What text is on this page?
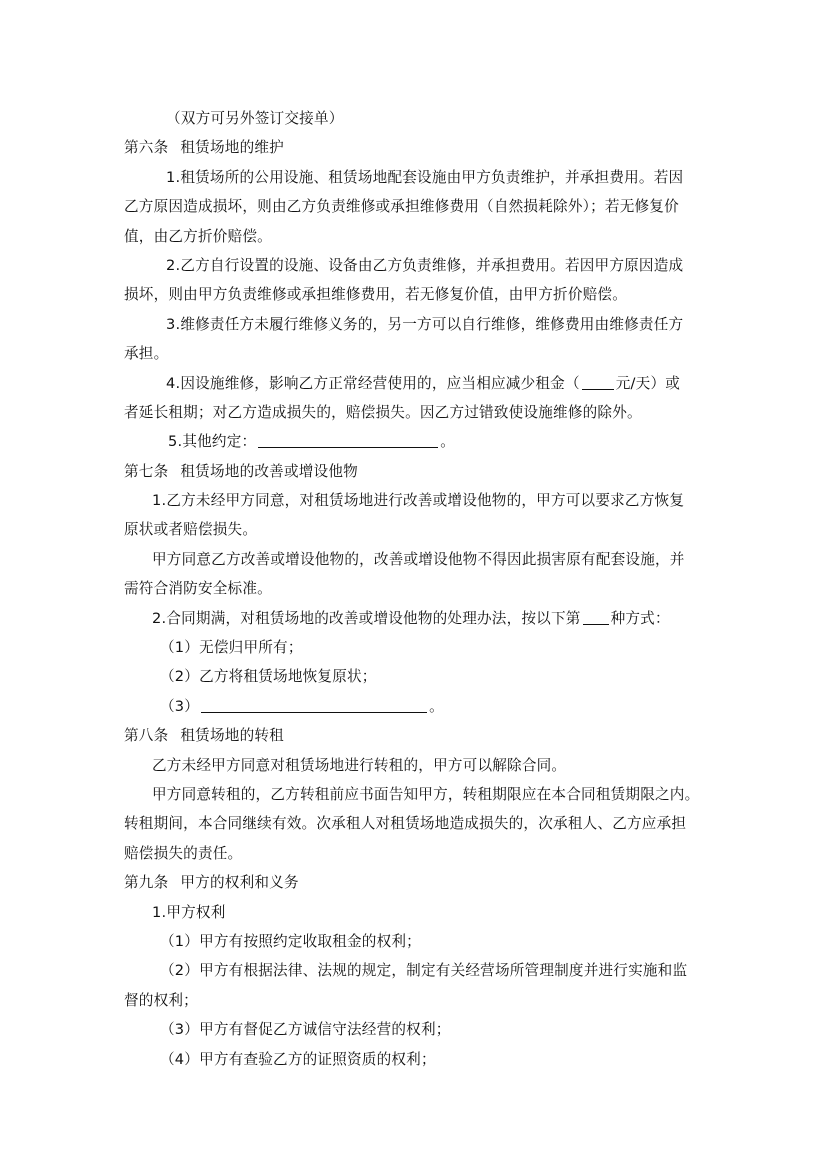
（双方可另外签订交接单）
第六条 租赁场地的维护
1.租赁场所的公用设施、租赁场地配套设施由甲方负责维护，并承担费用。若因
乙方原因造成损坏，则由乙方负责维修或承担维修费用（自然损耗除外）；若无修复价
值，由乙方折价赔偿。
2.乙方自行设置的设施、设备由乙方负责维修，并承担费用。若因甲方原因造成
损坏，则由甲方负责维修或承担维修费用，若无修复价值，由甲方折价赔偿。
3.维修责任方未履行维修义务的，另一方可以自行维修，维修费用由维修责任方
承担。
4.因设施维修，影响乙方正常经营使用的，应当相应减少租金（ 元/天）或
者延长租期；对乙方造成损失的，赔偿损失。因乙方过错致使设施维修的除外。
5.其他约定：	。
第七条 租赁场地的改善或增设他物
1.乙方未经甲方同意，对租赁场地进行改善或增设他物的，甲方可以要求乙方恢复
原状或者赔偿损失。
甲方同意乙方改善或增设他物的，改善或增设他物不得因此损害原有配套设施，并
需符合消防安全标准。
2.合同期满，对租赁场地的改善或增设他物的处理办法，按以下第 种方式：
（1）无偿归甲所有；
（2）乙方将租赁场地恢复原状；
（3）	。
第八条 租赁场地的转租
乙方未经甲方同意对租赁场地进行转租的，甲方可以解除合同。
甲方同意转租的，乙方转租前应书面告知甲方，转租期限应在本合同租赁期限之内。
转租期间，本合同继续有效。次承租人对租赁场地造成损失的，次承租人、乙方应承担
赔偿损失的责任。
第九条 甲方的权利和义务
1.甲方权利
（1）甲方有按照约定收取租金的权利；
（2）甲方有根据法律、法规的规定，制定有关经营场所管理制度并进行实施和监
督的权利；
（3）甲方有督促乙方诚信守法经营的权利；
（4）甲方有查验乙方的证照资质的权利；
